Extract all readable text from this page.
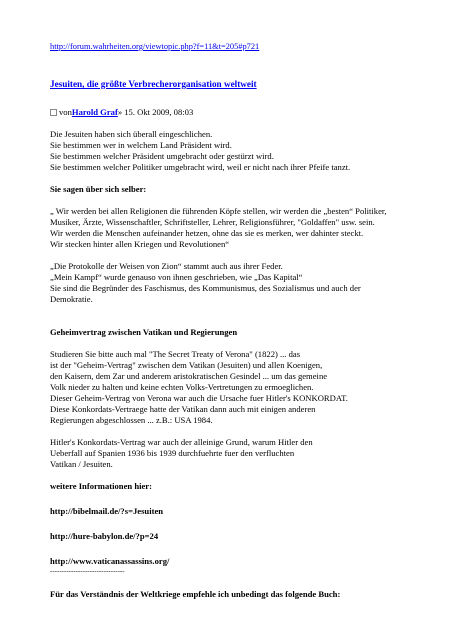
http://forum.wahrheiten.org/viewtopic.php?f=11&t=205#p721
Jesuiten, die größte Verbrecherorganisation weltweit
von Harold Graf » 15. Okt 2009, 08:03

Die Jesuiten haben sich überall eingeschlichen.
Sie bestimmen wer in welchem Land Präsident wird.
Sie bestimmen welcher Präsident umgebracht oder gestürzt wird.
Sie bestimmen welcher Politiker umgebracht wird, weil er nicht nach ihrer Pfeife tanzt.

Sie sagen über sich selber:

„ Wir werden bei allen Religionen die führenden Köpfe stellen, wir werden die „besten“ Politiker,
Musiker, Ärzte, Wissenschaftler, Schriftsteller, Lehrer, Religionsführer, "Goldaffen" usw. sein.
Wir werden die Menschen aufeinander hetzen, ohne das sie es merken, wer dahinter steckt.
Wir stecken hinter allen Kriegen und Revolutionen“

„Die Protokolle der Weisen von Zion“ stammt auch aus ihrer Feder.
„Mein Kampf“ wurde genauso von ihnen geschrieben, wie „Das Kapital“
Sie sind die Begründer des Faschismus, des Kommunismus, des Sozialismus und auch der
Demokratie.

Geheimvertrag zwischen Vatikan und Regierungen

Studieren Sie bitte auch mal "The Secret Treaty of Verona" (1822) ... das
ist der "Geheim-Vertrag" zwischen dem Vatikan (Jesuiten) und allen Koenigen,
den Kaisern, dem Zar und anderem aristokratischen Gesindel ... um das gemeine
Volk nieder zu halten und keine echten Volks-Vertretungen zu ermoeglichen.
Dieser Geheim-Vertrag von Verona war auch die Ursache fuer Hitler's KONKORDAT.
Diese Konkordats-Vertraege hatte der Vatikan dann auch mit einigen anderen
Regierungen abgeschlossen ... z.B.: USA 1984.

Hitler's Konkordats-Vertrag war auch der alleinige Grund, warum Hitler den
Ueberfall auf Spanien 1936 bis 1939 durchfuehrte fuer den verfluchten
Vatikan / Jesuiten.

weitere Informationen hier:

http://bibelmail.de/?s=Jesuiten

http://hure-babylon.de/?p=24

http://www.vaticanassassins.org/

--------------------------------

Für das Verständnis der Weltkriege empfehle ich unbedingt das folgende Buch:
